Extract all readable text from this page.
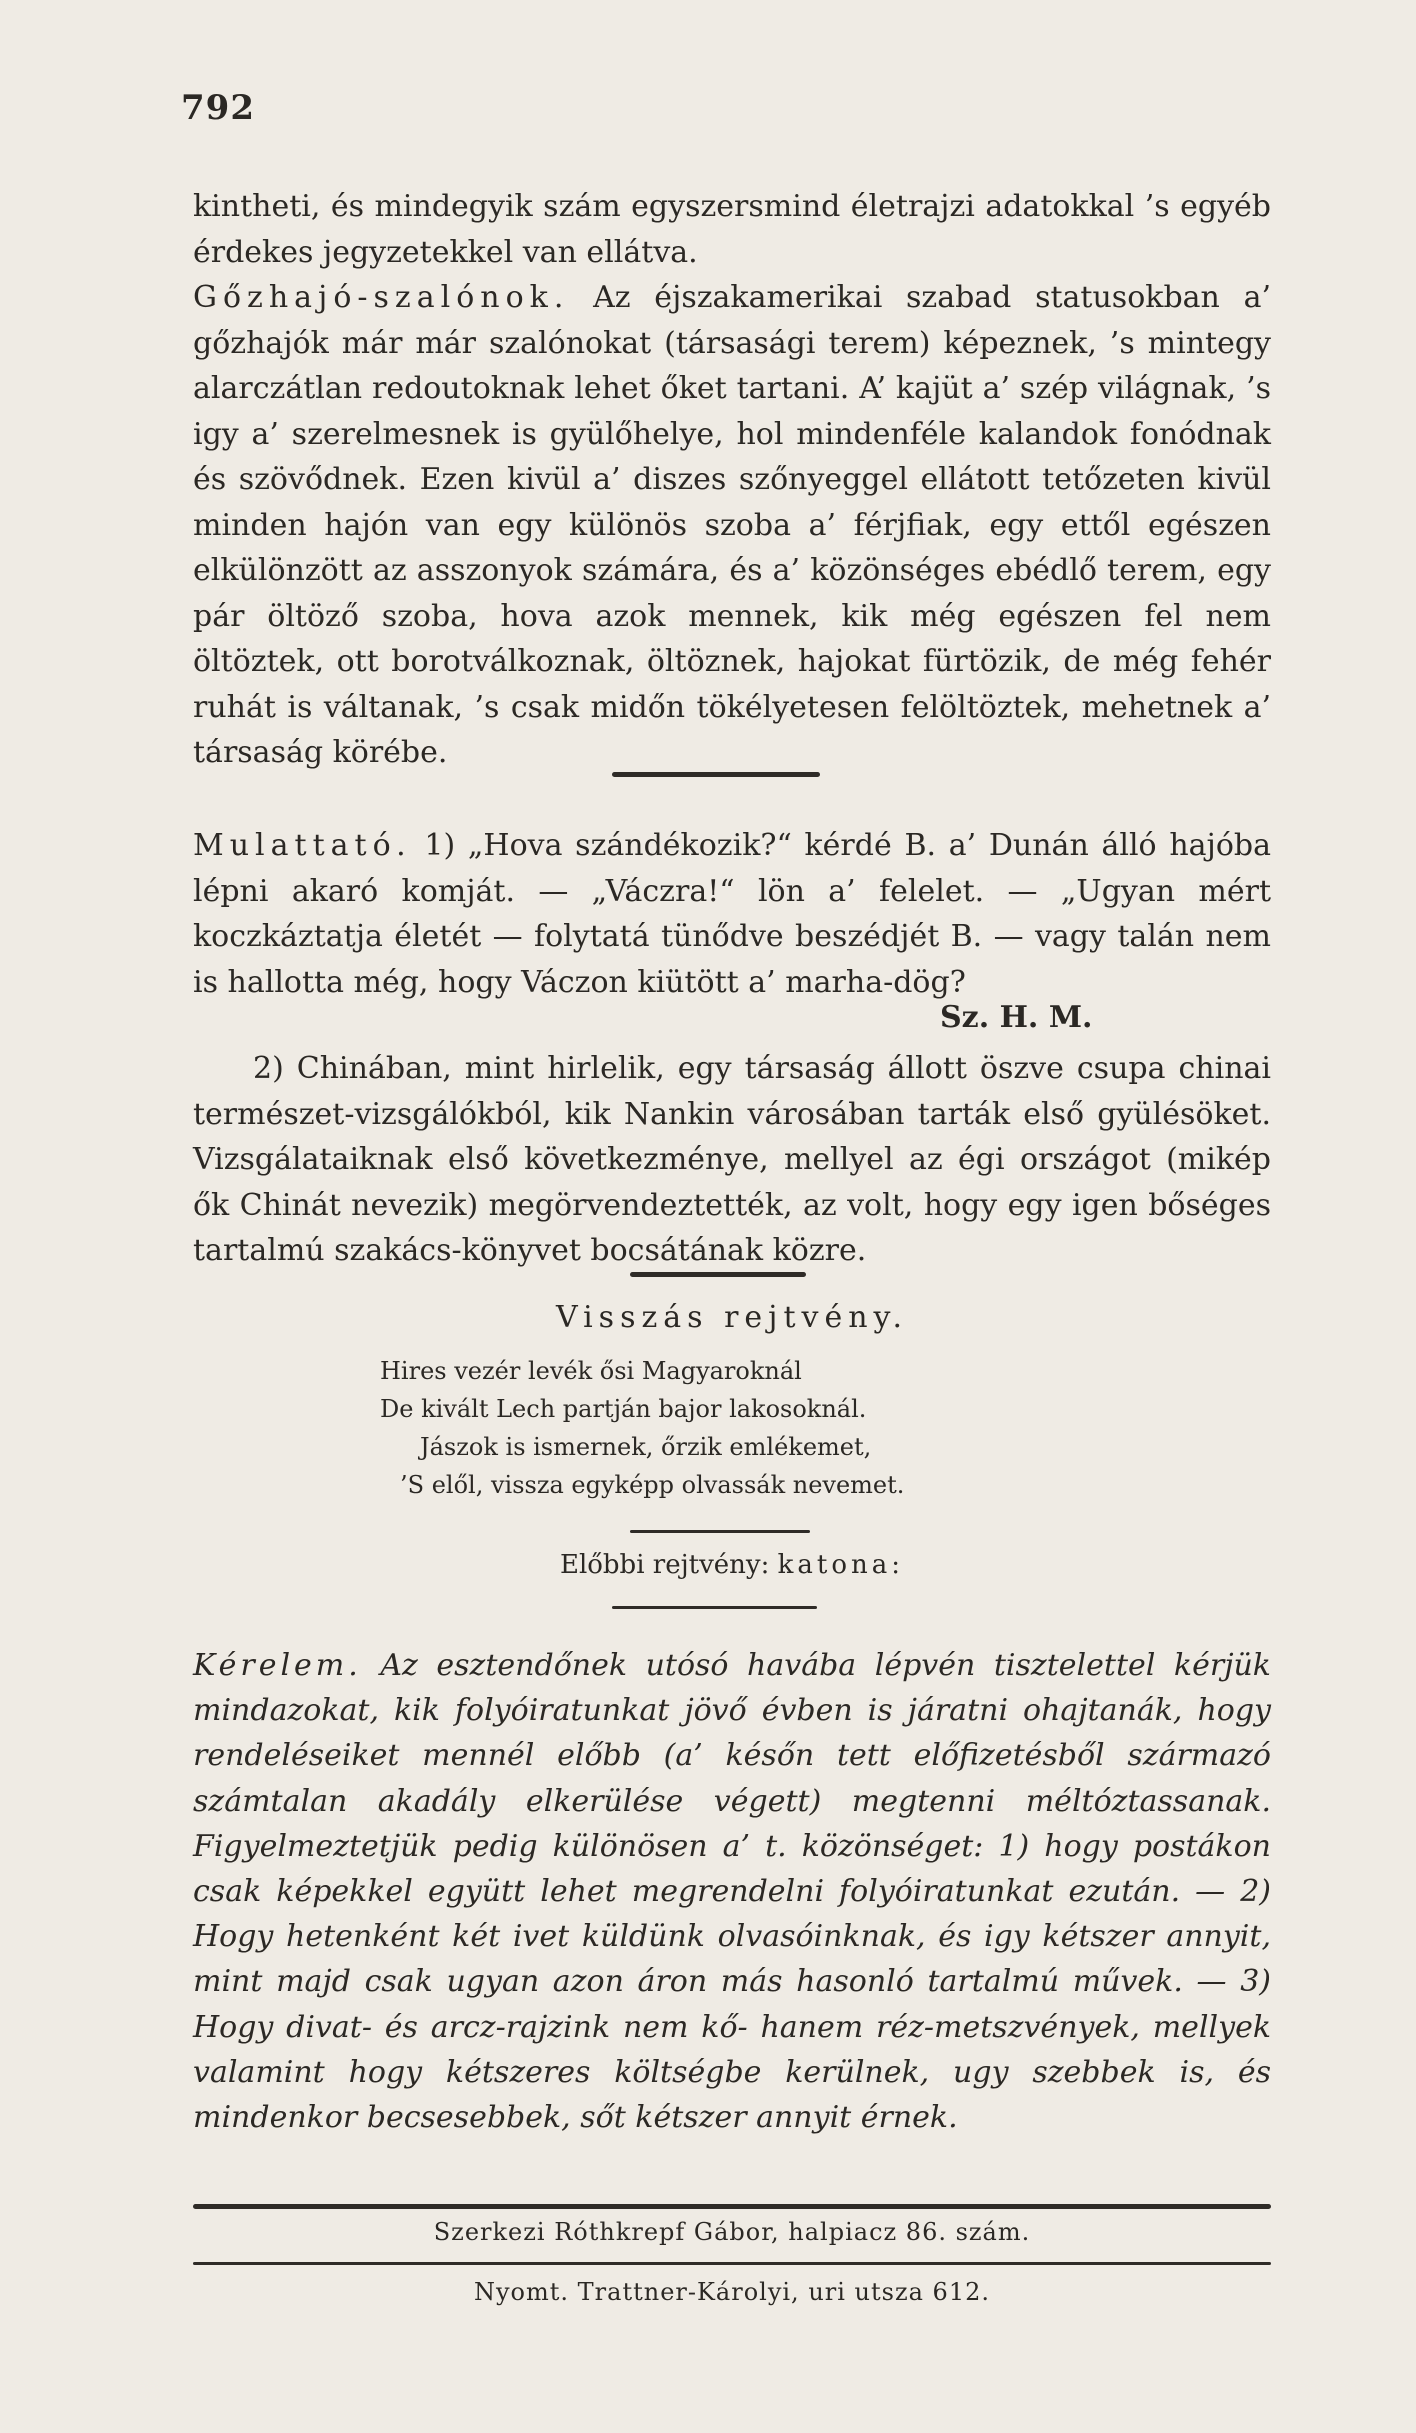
792

kintheti, és mindegyik szám egyszersmind életrajzi adatokkal ’s egyéb érdekes jegyzetekkel van ellátva.

Gőzhajó-szalónok. Az éjszakamerikai szabad statusokban a’ gőzhajók már már szalónokat (társasági terem) képeznek, ’s mintegy alarczátlan redoutoknak lehet őket tartani. A’ kajüt a’ szép világnak, ’s igy a’ szerelmesnek is gyülőhelye, hol mindenféle kalandok fonódnak és szövődnek. Ezen kivül a’ diszes szőnyeggel ellátott tetőzeten kivül minden hajón van egy különös szoba a’ férjfiak, egy ettől egészen elkülönzött az asszonyok számára, és a’ közönséges ebédlő terem, egy pár öltöző szoba, hova azok mennek, kik még egészen fel nem öltöztek, ott borotválkoznak, öltöznek, hajokat fürtözik, de még fehér ruhát is váltanak, ’s csak midőn tökélyetesen felöltöztek, mehetnek a’ társaság körébe.

Mulattató. 1) „Hova szándékozik?“ kérdé B. a’ Dunán álló hajóba lépni akaró komját. — „Váczra!“ lön a’ felelet. — „Ugyan mért koczkáztatja életét — folytatá tünődve beszédjét B. — vagy talán nem is hallotta még, hogy Váczon kiütött a’ marha-dög?

Sz. H. M.

2) Chinában, mint hirlelik, egy társaság állott öszve csupa chinai természet-vizsgálókból, kik Nankin városában tarták első gyülésöket. Vizsgálataiknak első következménye, mellyel az égi országot (mikép ők Chinát nevezik) megörvendeztették, az volt, hogy egy igen bőséges tartalmú szakács-könyvet bocsátának közre.

Visszás rejtvény.
Hires vezér levék ősi Magyaroknál
De kivált Lech partján bajor lakosoknál.
Jászok is ismernek, őrzik emlékemet,
’S elől, vissza egyképp olvassák nevemet.
Előbbi rejtvény: katona:

Kérelem. Az esztendőnek utósó havába lépvén tisztelettel kérjük mindazokat, kik folyóiratunkat jövő évben is járatni ohajtanák, hogy rendeléseiket mennél előbb (a’ későn tett előfizetésből származó számtalan akadály elkerülése végett) megtenni méltóztassanak. Figyelmeztetjük pedig különösen a’ t. közönséget: 1) hogy postákon csak képekkel együtt lehet megrendelni folyóiratunkat ezután. — 2) Hogy hetenként két ivet küldünk olvasóinknak, és igy kétszer annyit, mint majd csak ugyan azon áron más hasonló tartalmú művek. — 3) Hogy divat- és arcz-rajzink nem kő- hanem réz-metszvények, mellyek valamint hogy kétszeres költségbe kerülnek, ugy szebbek is, és mindenkor becsesebbek, sőt kétszer annyit érnek.

Szerkezi Róthkrepf Gábor, halpiacz 86. szám.
Nyomt. Trattner-Károlyi, uri utsza 612.
